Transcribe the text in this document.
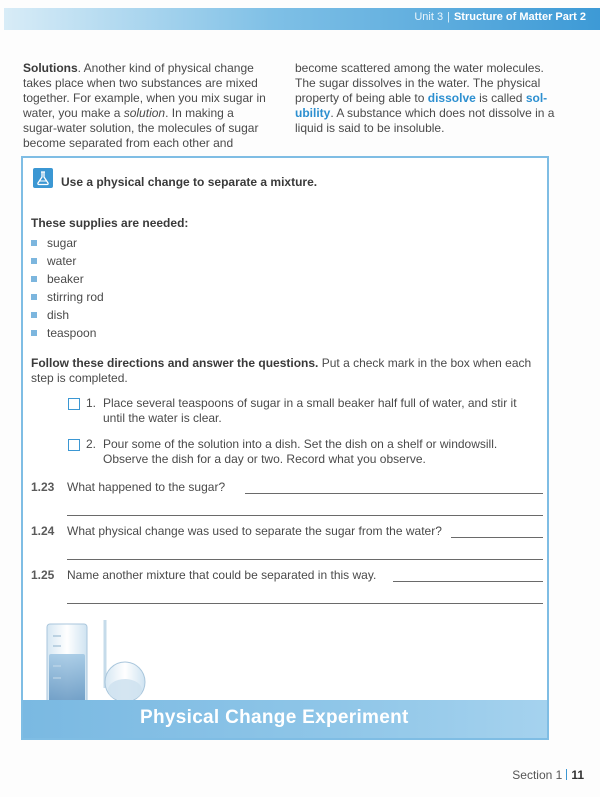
Unit 3 | Structure of Matter Part 2
Solutions. Another kind of physical change takes place when two substances are mixed together. For example, when you mix sugar in water, you make a solution. In making a sugar-water solution, the molecules of sugar become separated from each other and
become scattered among the water molecules. The sugar dissolves in the water. The physical property of being able to dissolve is called sol-ubility. A substance which does not dissolve in a liquid is said to be insoluble.
Use a physical change to separate a mixture.
These supplies are needed:
sugar
water
beaker
stirring rod
dish
teaspoon
Follow these directions and answer the questions. Put a check mark in the box when each step is completed.
1. Place several teaspoons of sugar in a small beaker half full of water, and stir it until the water is clear.
2. Pour some of the solution into a dish. Set the dish on a shelf or windowsill. Observe the dish for a day or two. Record what you observe.
1.23 What happened to the sugar?
1.24 What physical change was used to separate the sugar from the water?
1.25 Name another mixture that could be separated in this way.
Physical Change Experiment
Section 1 11
